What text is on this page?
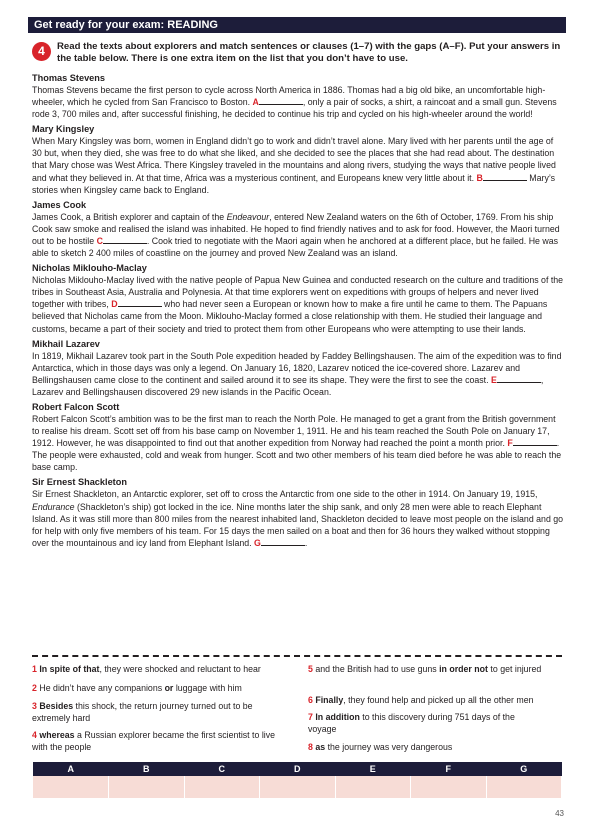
Get ready for your exam: READING
4	Read the texts about explorers and match sentences or clauses (1–7) with the gaps (A–F). Put your answers in the table below. There is one extra item on the list that you don’t have to use.
Thomas Stevens

Thomas Stevens became the first person to cycle across North America in 1886. Thomas had a big old bike, an uncomfortable high-wheeler, which he cycled from San Francisco to Boston. A	, only a pair of socks, a shirt, a raincoat and a small gun. Stevens rode 3, 700 miles and, after successful finishing, he decided to continue his trip and cycled on his high-wheeler around the world!

Mary Kingsley

When Mary Kingsley was born, women in England didn’t go to work and didn’t travel alone. Mary lived with her parents until the age of 30 but, when they died, she was free to do what she liked, and she decided to see the places that she had read about. The destination that Mary chose was West Africa. There Kingsley traveled in the mountains and along rivers, studying the ways that native people lived and what they believed in. At that time, Africa was a mysterious continent, and Europeans knew very little about it. B	Mary’s stories when Kingsley came back to England.

James Cook

James Cook, a British explorer and captain of the Endeavour, entered New Zealand waters on the 6th of October, 1769. From his ship Cook saw smoke and realised the island was inhabited. He hoped to find friendly natives and to ask for food. However, the Maori turned out to be hostile C	. Cook tried to negotiate with the Maori again when he anchored at a different place, but he failed. He was able to sketch 2 400 miles of coastline on the journey and proved New Zealand was an island.

Nicholas Miklouho-Maclay

Nicholas Miklouho-Maclay lived with the native people of Papua New Guinea and conducted research on the culture and traditions of the tribes in Southeast Asia, Australia and Polynesia. At that time explorers went on expeditions with groups of helpers and never lived together with tribes, D	who had never seen a European or known how to make a fire until he came to them. The Papuans believed that Nicholas came from the Moon. Miklouho-Maclay formed a close relationship with them. He studied their language and customs, became a part of their society and tried to protect them from other Europeans who were attempting to use their lands.

Mikhail Lazarev

In 1819, Mikhail Lazarev took part in the South Pole expedition headed by Faddey Bellingshausen. The aim of the expedition was to find Antarctica, which in those days was only a legend. On January 16, 1820, Lazarev noticed the ice-covered shore. Lazarev and Bellingshausen came close to the continent and sailed around it to see its shape. They were the first to see the coast. E	, Lazarev and Bellingshausen discovered 29 new islands in the Pacific Ocean.

Robert Falcon Scott

Robert Falcon Scott’s ambition was to be the first man to reach the North Pole. He managed to get a grant from the British government to realise his dream. Scott set off from his base camp on November 1, 1911. He and his team reached the South Pole on January 17, 1912. However, he was disappointed to find out that another expedition from Norway had reached the point a month prior. F	. The people were exhausted, cold and weak from hunger. Scott and two other members of his team died before he was able to reach the base camp.

Sir Ernest Shackleton

Sir Ernest Shackleton, an Antarctic explorer, set off to cross the Antarctic from one side to the other in 1914. On January 19, 1915, Endurance (Shackleton’s ship) got locked in the ice. Nine months later the ship sank, and only 28 men were able to reach Elephant Island. As it was still more than 800 miles from the nearest inhabited land, Shackleton decided to leave most people on the island and go for help with only five members of his team. For 15 days the men sailed on a boat and then for 36 hours they walked without stopping over the mountainous and icy land from Elephant Island. G	.

1 In spite of that, they were shocked and reluctant to hear
2 He didn’t have any companions or luggage with him
3 Besides this shock, the return journey turned out to be extremely hard
4 whereas a Russian explorer became the first scientist to live with the people
5 and the British had to use guns in order not to get injured
6 Finally, they found help and picked up all the other men
7 In addition to this discovery during 751 days of the voyage
8 as the journey was very dangerous
A	B	C	D	E	F	G

43
